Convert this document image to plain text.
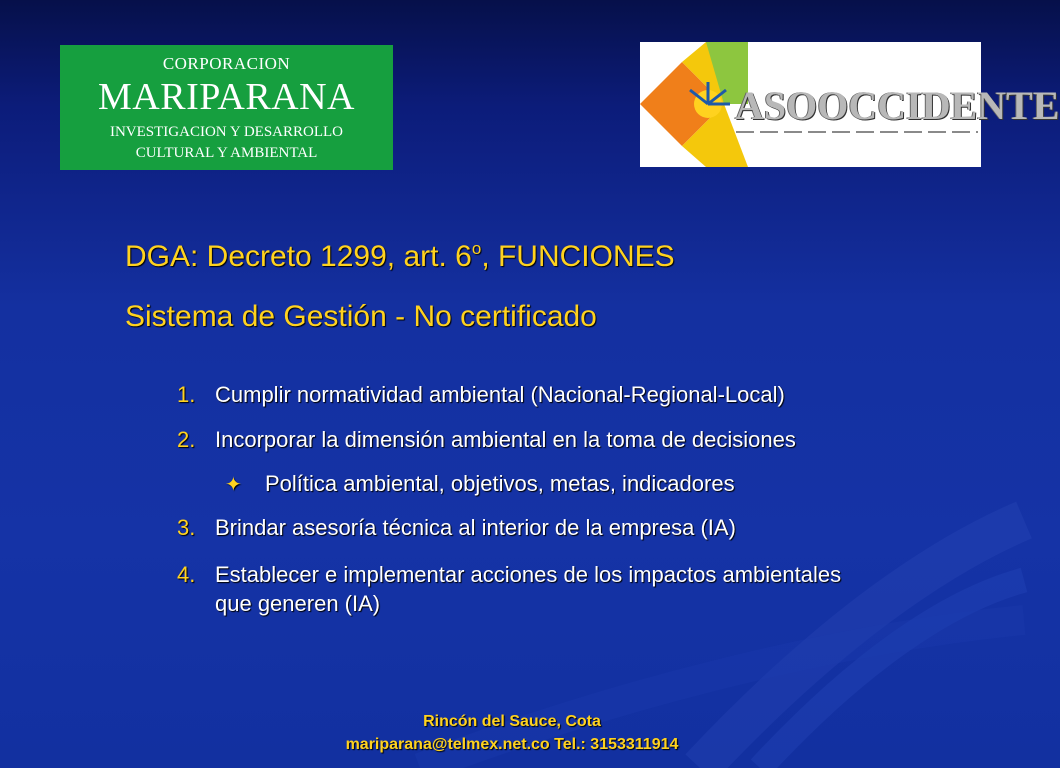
CORPORACION
MARIPARANA
INVESTIGACION Y DESARROLLO
CULTURAL Y AMBIENTAL
ASOOCCIDENTE
DGA: Decreto 1299, art. 6$^o$, FUNCIONES
Sistema de Gestión - No certificado
1. Cumplir normatividad ambiental (Nacional-Regional-Local)
2. Incorporar la dimensión ambiental en la toma de decisiones
✦ Política ambiental, objetivos, metas, indicadores
3. Brindar asesoría técnica al interior de la empresa (IA)
4. Establecer e implementar acciones de los impactos ambientales
que generen (IA)
Rincón del Sauce, Cota
mariparana@telmex.net.co Tel.: 3153311914
